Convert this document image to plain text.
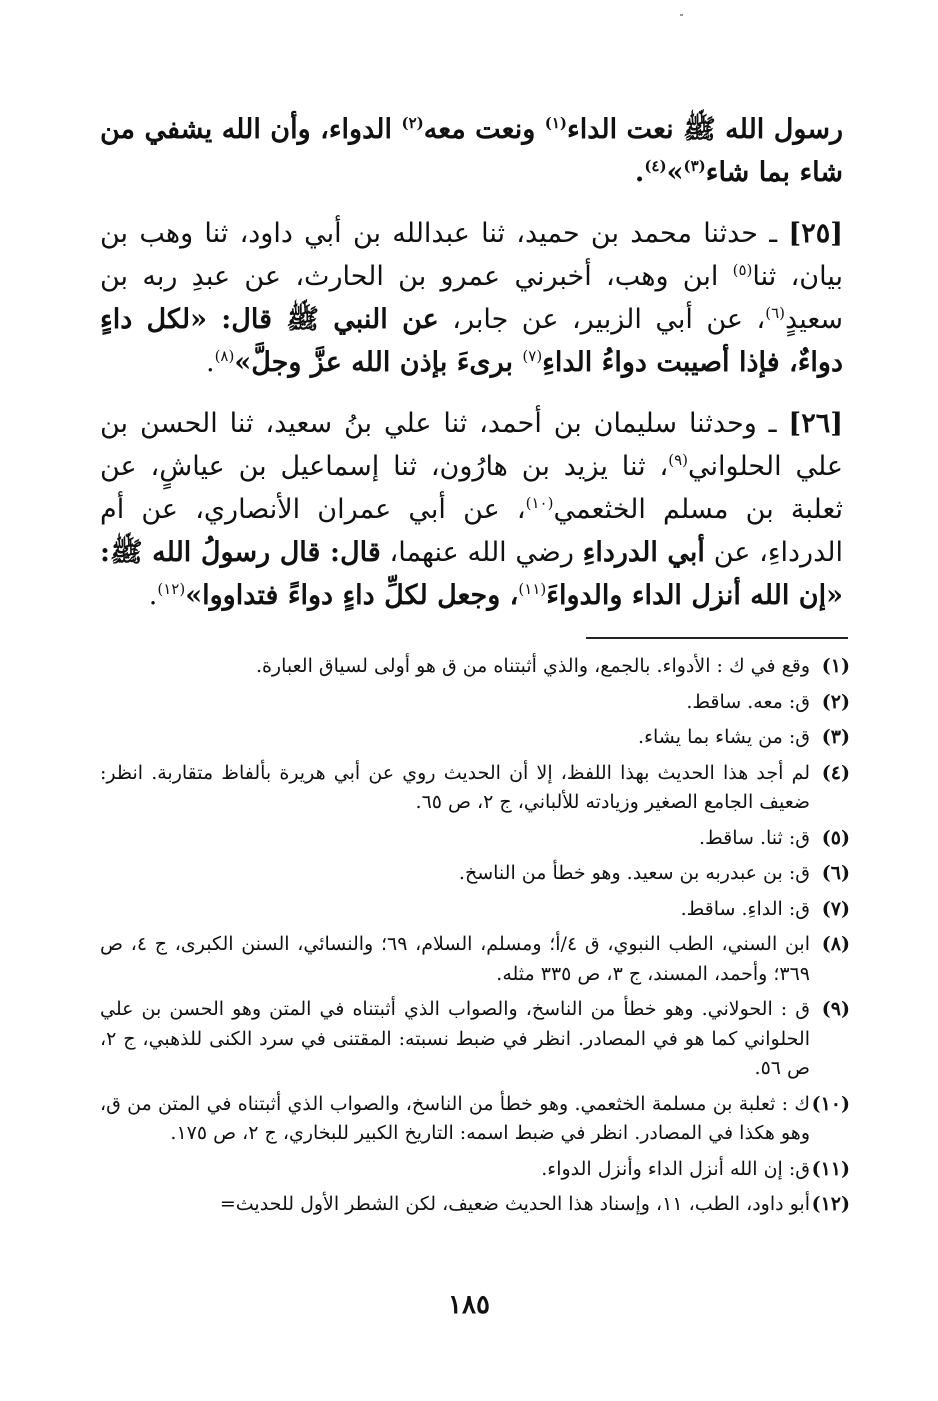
رسول الله ﷺ نعت الداء$^{(١)}$ ونعت معه$^{(٢)}$ الدواء، وأن الله يشفي من شاء بما شاء$^{(٣)}$»$^{(٤)}$.

[٢٥] ـ حدثنا محمد بن حميد، ثنا عبدالله بن أبي داود، ثنا وهب بن بيان، ثنا$^{(٥)}$ ابن وهب، أخبرني عمرو بن الحارث، عن عبدِ ربه بن سعيدٍ$^{(٦)}$، عن أبي الزبير، عن جابر، عن النبي ﷺ قال: «لكل داءٍ دواءٌ، فإذا أصيبت دواءُ الداءِ$^{(٧)}$ برىءَ بإذن الله عزَّ وجلَّ»$^{(٨)}$.

[٢٦] ـ وحدثنا سليمان بن أحمد، ثنا علي بنُ سعيد، ثنا الحسن بن علي الحلواني$^{(٩)}$، ثنا يزيد بن هارُون، ثنا إسماعيل بن عياشٍ، عن ثعلبة بن مسلم الخثعمي$^{(١٠)}$، عن أبي عمران الأنصاري، عن أم الدرداءِ، عن أبي الدرداءِ رضي الله عنهما، قال: قال رسولُ الله ﷺ: «إن الله أنزل الداء والدواءَ$^{(١١)}$، وجعل لكلِّ داءٍ دواءً فتداووا»$^{(١٢)}$.

(١)
وقع في ك : الأدواء. بالجمع، والذي أثبتناه من ق هو أولى لسياق العبارة.
(٢)
ق: معه. ساقط.
(٣)
ق: من يشاء بما يشاء.
(٤)
لم أجد هذا الحديث بهذا اللفظ، إلا أن الحديث روي عن أبي هريرة بألفاظ متقاربة. انظر: ضعيف الجامع الصغير وزيادته للألباني، ج ٢، ص ٦٥.
(٥)
ق: ثنا. ساقط.
(٦)
ق: بن عبدربه بن سعيد. وهو خطأ من الناسخ.
(٧)
ق: الداءِ. ساقط.
(٨)
ابن السني، الطب النبوي، ق ٤/أ؛ ومسلم، السلام، ٦٩؛ والنسائي، السنن الكبرى، ج ٤، ص ٣٦٩؛ وأحمد، المسند، ج ٣، ص ٣٣٥ مثله.
(٩)
ق : الحولاني. وهو خطأ من الناسخ، والصواب الذي أثبتناه في المتن وهو الحسن بن علي الحلواني كما هو في المصادر. انظر في ضبط نسبته: المقتنى في سرد الكنى للذهبي، ج ٢، ص ٥٦.
(١٠)
ك : ثعلبة بن مسلمة الخثعمي. وهو خطأ من الناسخ، والصواب الذي أثبتناه في المتن من ق، وهو هكذا في المصادر. انظر في ضبط اسمه: التاريخ الكبير للبخاري، ج ٢، ص ١٧٥.
(١١)
ق: إن الله أنزل الداء وأنزل الدواء.
(١٢)
أبو داود، الطب، ١١، وإسناد هذا الحديث ضعيف، لكن الشطر الأول للحديث=
١٨٥
